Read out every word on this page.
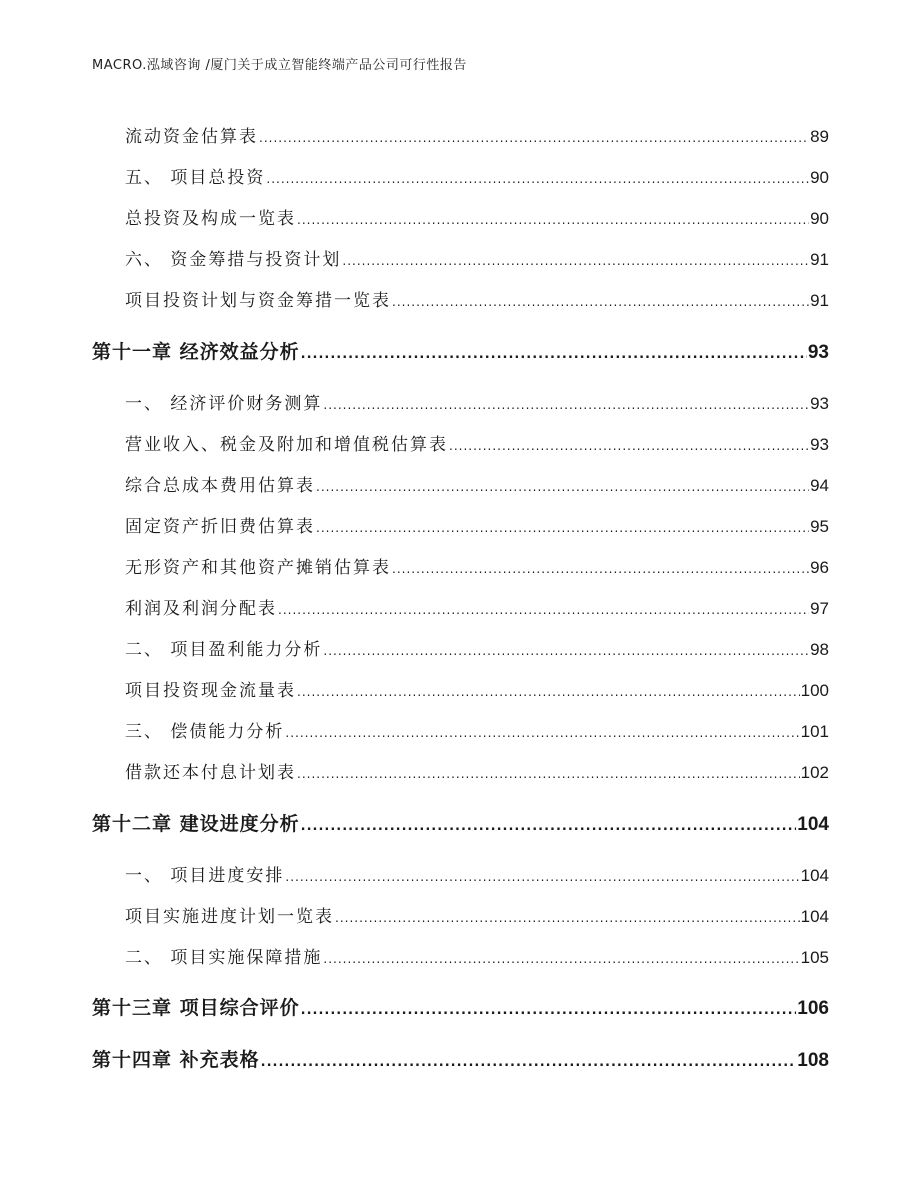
MACRO.泓域咨询 /厦门关于成立智能终端产品公司可行性报告
流动资金估算表 .....	89
五、 项目总投资 .....	90
总投资及构成一览表 .....	90
六、 资金筹措与投资计划 .....	91
项目投资计划与资金筹措一览表 .....	91
第十一章 经济效益分析 .....	93
一、 经济评价财务测算 .....	93
营业收入、税金及附加和增值税估算表 .....	93
综合总成本费用估算表 .....	94
固定资产折旧费估算表 .....	95
无形资产和其他资产摊销估算表 .....	96
利润及利润分配表 .....	97
二、 项目盈利能力分析 .....	98
项目投资现金流量表 .....	100
三、 偿债能力分析 .....	101
借款还本付息计划表 .....	102
第十二章 建设进度分析 .....	104
一、 项目进度安排 .....	104
项目实施进度计划一览表 .....	104
二、 项目实施保障措施 .....	105
第十三章 项目综合评价 .....	106
第十四章 补充表格 .....	108
